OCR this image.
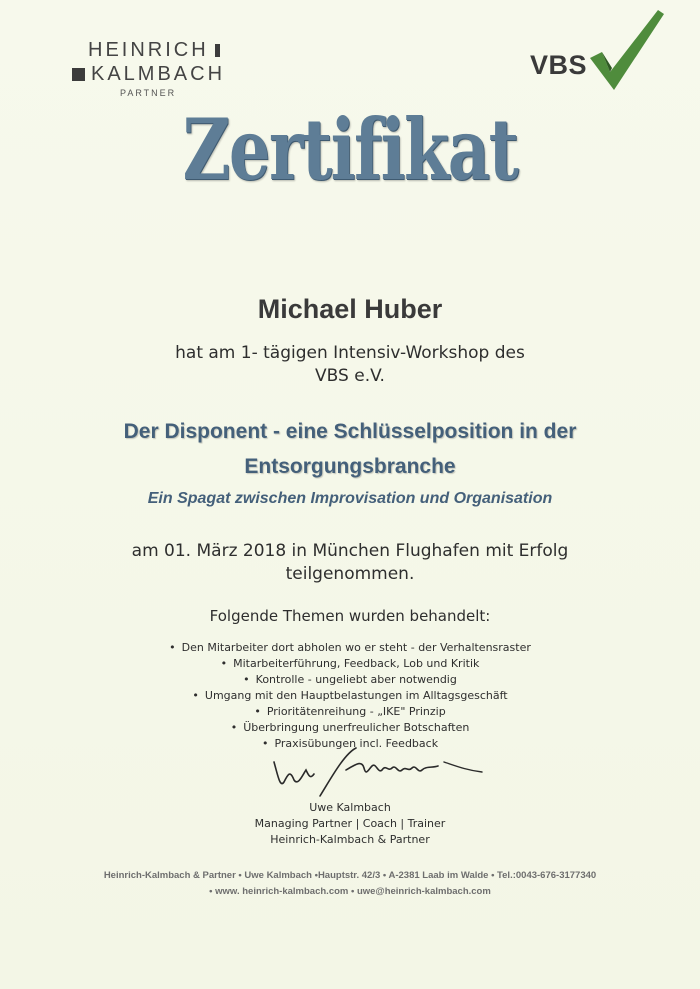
HEINRICH
KALMBACH
PARTNER
VBS
Zertifikat
Michael Huber
hat am 1- tägigen Intensiv-Workshop des
VBS e.V.
Der Disponent - eine Schlüsselposition in der
Entsorgungsbranche
Ein Spagat zwischen Improvisation und Organisation
am 01. März 2018 in München Flughafen mit Erfolg
teilgenommen.
Folgende Themen wurden behandelt:
• Den Mitarbeiter dort abholen wo er steht - der Verhaltensraster
• Mitarbeiterführung, Feedback, Lob und Kritik
• Kontrolle - ungeliebt aber notwendig
• Umgang mit den Hauptbelastungen im Alltagsgeschäft
• Prioritätenreihung - „IKE" Prinzip
• Überbringung unerfreulicher Botschaften
• Praxisübungen incl. Feedback
Uwe Kalmbach
Managing Partner | Coach | Trainer
Heinrich-Kalmbach & Partner
Heinrich-Kalmbach & Partner • Uwe Kalmbach •Hauptstr. 42/3 • A-2381 Laab im Walde • Tel.:0043-676-3177340
• www. heinrich-kalmbach.com • uwe@heinrich-kalmbach.com
